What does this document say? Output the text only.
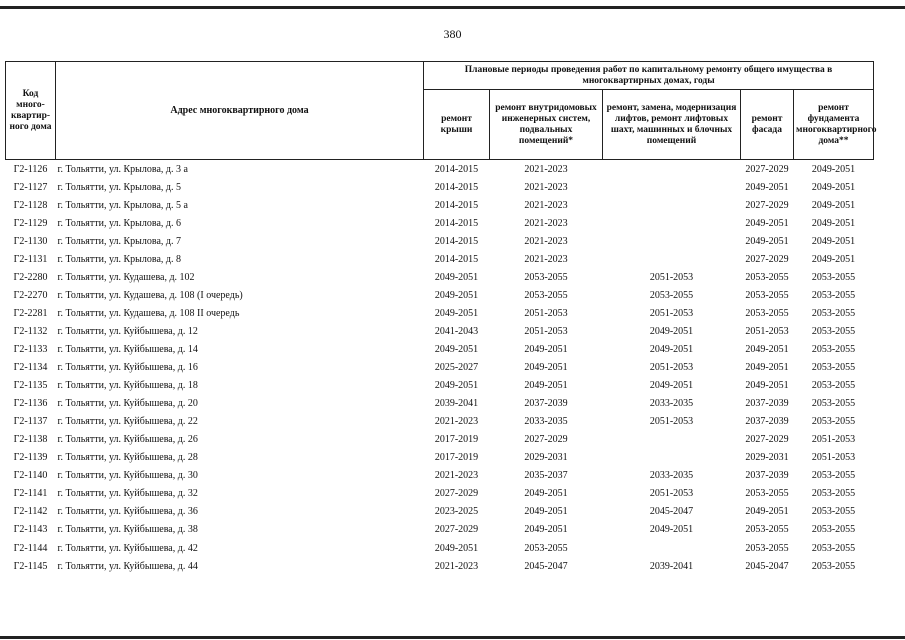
380
Код много-квартир-ного дома	Адрес многоквартирного дома	Плановые периоды проведения работ по капитальному ремонту общего имущества в многоквартирных домах, годы				
		ремонт крыши	ремонт внутридомовых инженерных систем, подвальных помещений*	ремонт, замена, модернизация лифтов, ремонт лифтовых шахт, машинных и блочных помещений	ремонт фасада	ремонт фундамента многоквартирного дома**
Г2-1126	г. Тольятти, ул. Крылова, д. 3 а	2014-2015	2021-2023		2027-2029	2049-2051
Г2-1127	г. Тольятти, ул. Крылова, д. 5	2014-2015	2021-2023		2049-2051	2049-2051
Г2-1128	г. Тольятти, ул. Крылова, д. 5 а	2014-2015	2021-2023		2027-2029	2049-2051
Г2-1129	г. Тольятти, ул. Крылова, д. 6	2014-2015	2021-2023		2049-2051	2049-2051
Г2-1130	г. Тольятти, ул. Крылова, д. 7	2014-2015	2021-2023		2049-2051	2049-2051
Г2-1131	г. Тольятти, ул. Крылова, д. 8	2014-2015	2021-2023		2027-2029	2049-2051
Г2-2280	г. Тольятти, ул. Кудашева, д. 102	2049-2051	2053-2055	2051-2053	2053-2055	2053-2055
Г2-2270	г. Тольятти, ул. Кудашева, д. 108 (I очередь)	2049-2051	2053-2055	2053-2055	2053-2055	2053-2055
Г2-2281	г. Тольятти, ул. Кудашева, д. 108 II очередь	2049-2051	2051-2053	2051-2053	2053-2055	2053-2055
Г2-1132	г. Тольятти, ул. Куйбышева, д. 12	2041-2043	2051-2053	2049-2051	2051-2053	2053-2055
Г2-1133	г. Тольятти, ул. Куйбышева, д. 14	2049-2051	2049-2051	2049-2051	2049-2051	2053-2055
Г2-1134	г. Тольятти, ул. Куйбышева, д. 16	2025-2027	2049-2051	2051-2053	2049-2051	2053-2055
Г2-1135	г. Тольятти, ул. Куйбышева, д. 18	2049-2051	2049-2051	2049-2051	2049-2051	2053-2055
Г2-1136	г. Тольятти, ул. Куйбышева, д. 20	2039-2041	2037-2039	2033-2035	2037-2039	2053-2055
Г2-1137	г. Тольятти, ул. Куйбышева, д. 22	2021-2023	2033-2035	2051-2053	2037-2039	2053-2055
Г2-1138	г. Тольятти, ул. Куйбышева, д. 26	2017-2019	2027-2029		2027-2029	2051-2053
Г2-1139	г. Тольятти, ул. Куйбышева, д. 28	2017-2019	2029-2031		2029-2031	2051-2053
Г2-1140	г. Тольятти, ул. Куйбышева, д. 30	2021-2023	2035-2037	2033-2035	2037-2039	2053-2055
Г2-1141	г. Тольятти, ул. Куйбышева, д. 32	2027-2029	2049-2051	2051-2053	2053-2055	2053-2055
Г2-1142	г. Тольятти, ул. Куйбышева, д. 36	2023-2025	2049-2051	2045-2047	2049-2051	2053-2055
Г2-1143	г. Тольятти, ул. Куйбышева, д. 38	2027-2029	2049-2051	2049-2051	2053-2055	2053-2055
Г2-1144	г. Тольятти, ул. Куйбышева, д. 42	2049-2051	2053-2055		2053-2055	2053-2055
Г2-1145	г. Тольятти, ул. Куйбышева, д. 44	2021-2023	2045-2047	2039-2041	2045-2047	2053-2055
